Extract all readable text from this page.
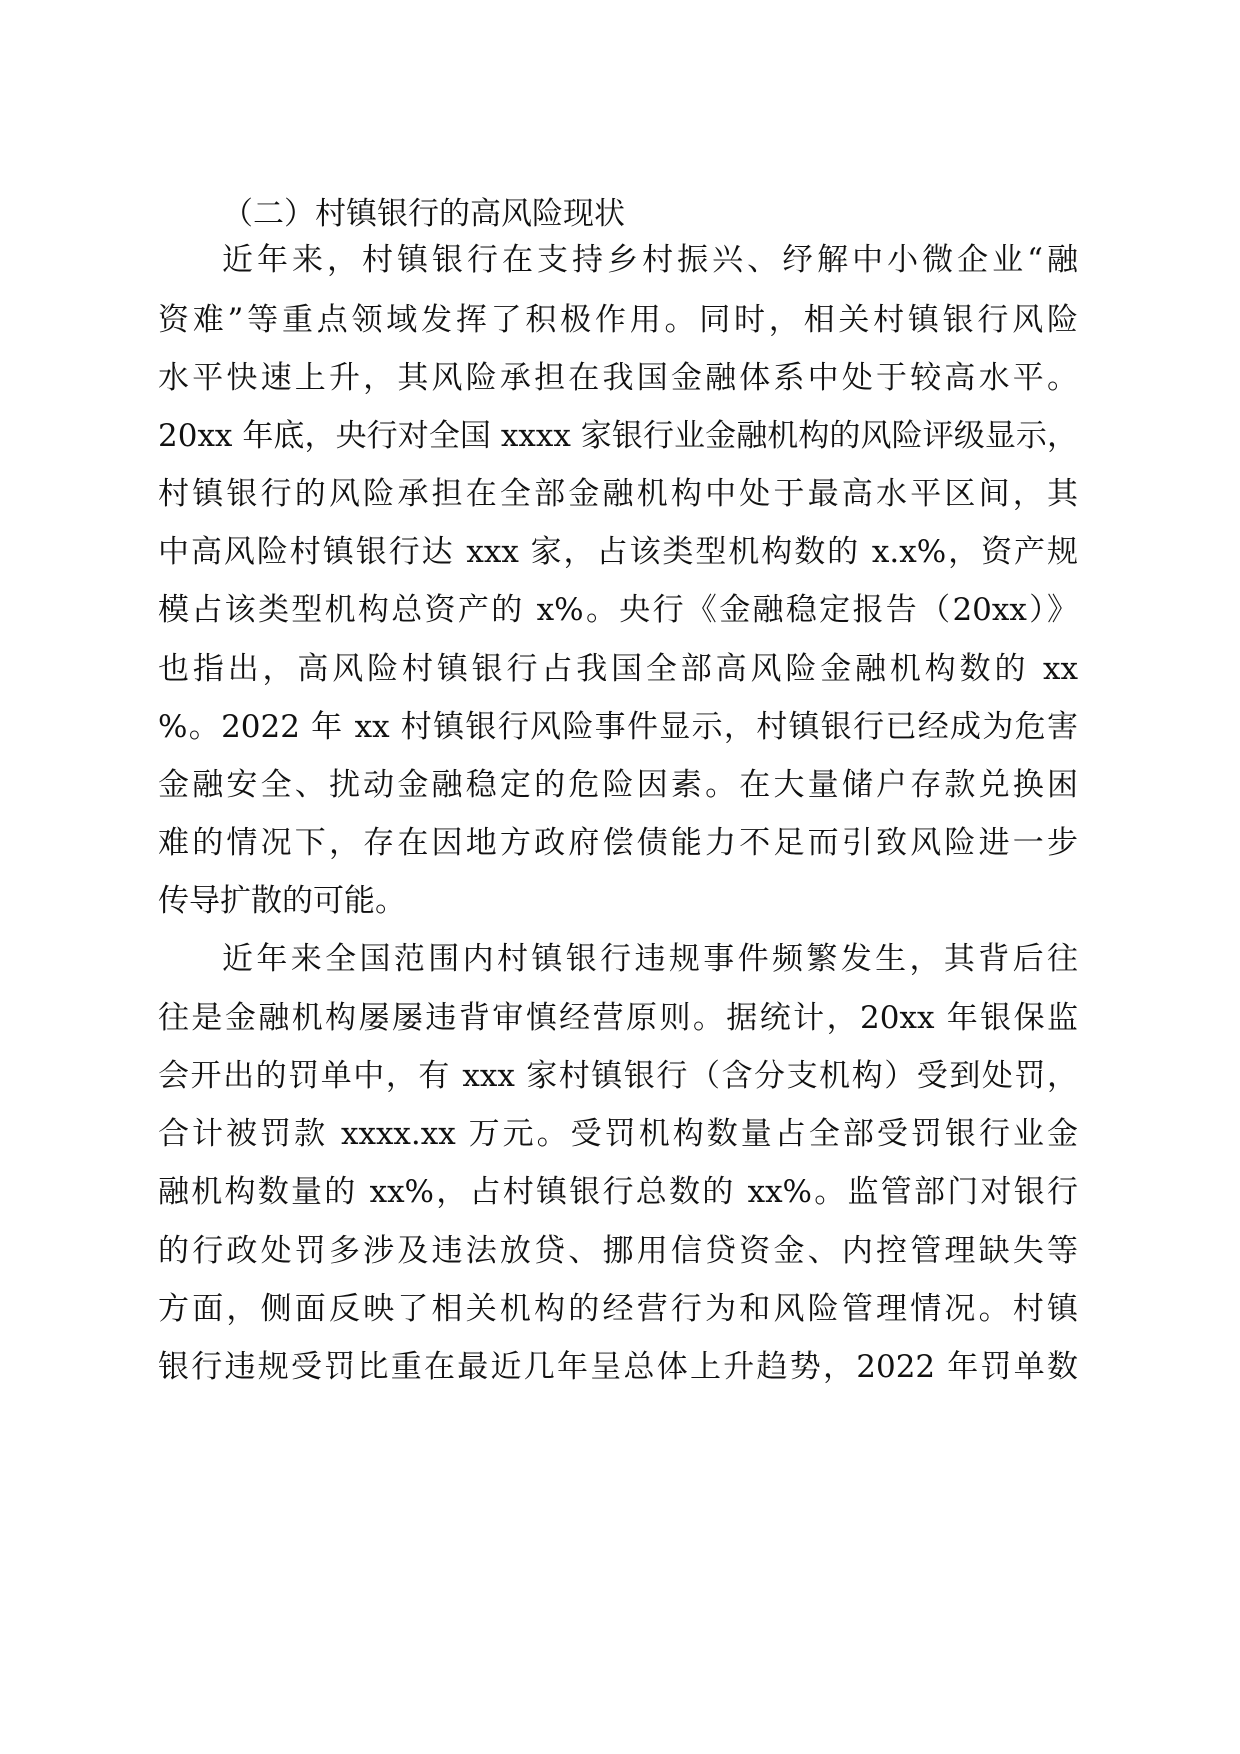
（二）村镇银行的高风险现状

近年来，村镇银行在支持乡村振兴、纾解中小微企业“融

资难”等重点领域发挥了积极作用。同时，相关村镇银行风险

水平快速上升，其风险承担在我国金融体系中处于较高水平。

20xx 年底，央行对全国 xxxx 家银行业金融机构的风险评级显示，

村镇银行的风险承担在全部金融机构中处于最高水平区间，其

中高风险村镇银行达 xxx 家，占该类型机构数的 x.x%，资产规

模占该类型机构总资产的 x%。央行《金融稳定报告（20xx）》

也指出，高风险村镇银行占我国全部高风险金融机构数的 xx

%。2022 年 xx 村镇银行风险事件显示，村镇银行已经成为危害

金融安全、扰动金融稳定的危险因素。在大量储户存款兑换困

难的情况下，存在因地方政府偿债能力不足而引致风险进一步

传导扩散的可能。

近年来全国范围内村镇银行违规事件频繁发生，其背后往

往是金融机构屡屡违背审慎经营原则。据统计，20xx 年银保监

会开出的罚单中，有 xxx 家村镇银行（含分支机构）受到处罚，

合计被罚款 xxxx.xx 万元。受罚机构数量占全部受罚银行业金

融机构数量的 xx%，占村镇银行总数的 xx%。监管部门对银行

的行政处罚多涉及违法放贷、挪用信贷资金、内控管理缺失等

方面，侧面反映了相关机构的经营行为和风险管理情况。村镇

银行违规受罚比重在最近几年呈总体上升趋势，2022 年罚单数
